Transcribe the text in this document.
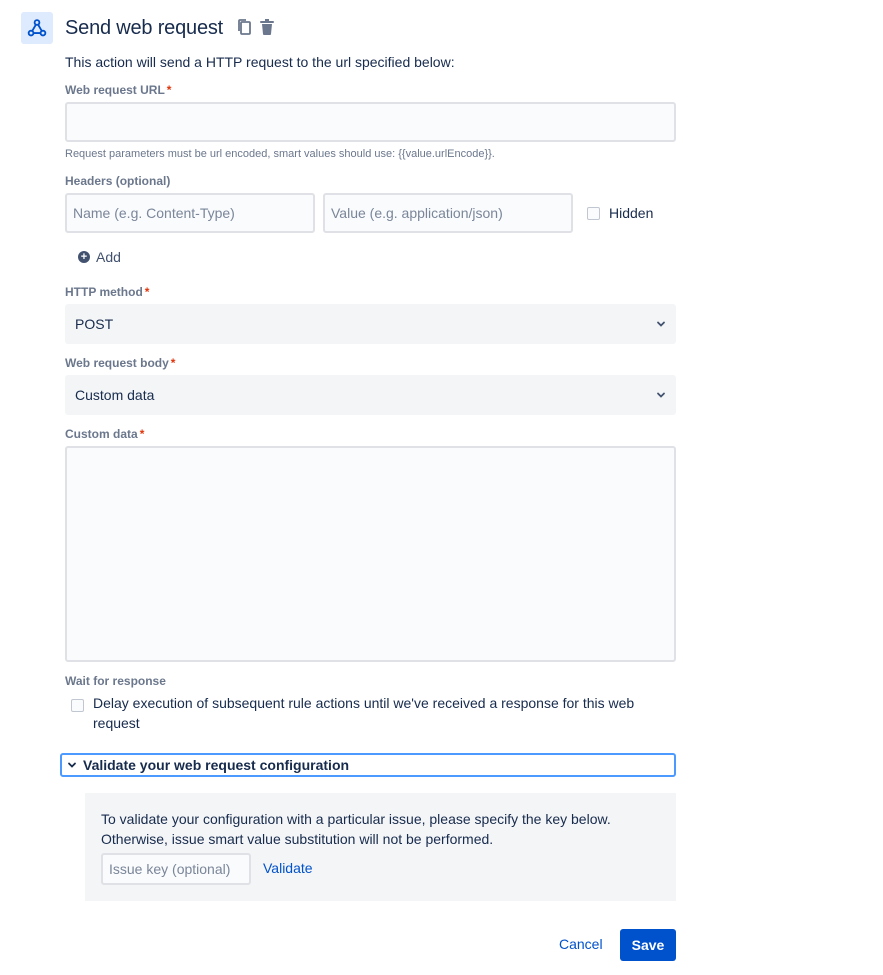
Send web request
This action will send a HTTP request to the url specified below:
Web request URL *
Request parameters must be url encoded, smart values should use: {{value.urlEncode}}.
Headers (optional)
Name (e.g. Content-Type)
Value (e.g. application/json)
Hidden
+ Add
HTTP method *
POST
Web request body *
Custom data
Custom data *
Wait for response
Delay execution of subsequent rule actions until we've received a response for this web request
Validate your web request configuration
To validate your configuration with a particular issue, please specify the key below. Otherwise, issue smart value substitution will not be performed.
Issue key (optional)
Validate
Cancel	Save
